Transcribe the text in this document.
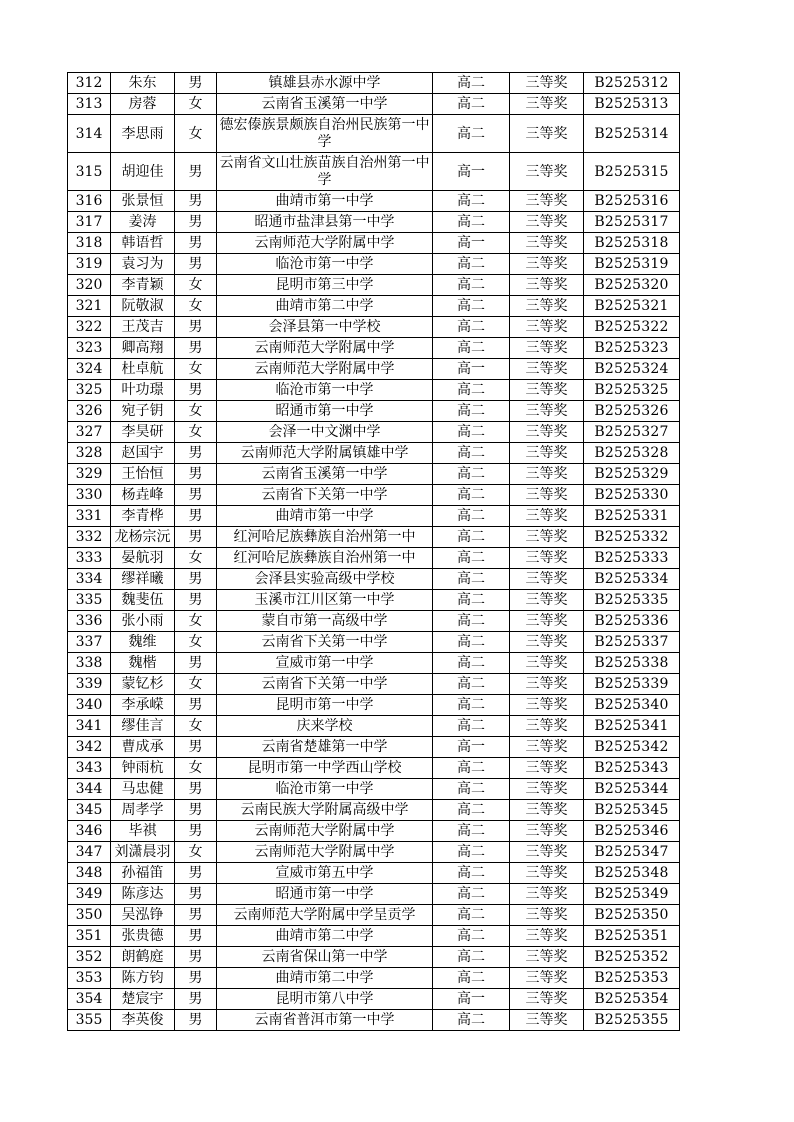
312	朱东	男	镇雄县赤水源中学	高二	三等奖	B2525312
313	房蓉	女	云南省玉溪第一中学	高二	三等奖	B2525313
314	李思雨	女	德宏傣族景颇族自治州民族第一中学	高二	三等奖	B2525314
315	胡迎佳	男	云南省文山壮族苗族自治州第一中学	高一	三等奖	B2525315
316	张景恒	男	曲靖市第一中学	高二	三等奖	B2525316
317	姜涛	男	昭通市盐津县第一中学	高二	三等奖	B2525317
318	韩语哲	男	云南师范大学附属中学	高一	三等奖	B2525318
319	袁习为	男	临沧市第一中学	高二	三等奖	B2525319
320	李青颖	女	昆明市第三中学	高二	三等奖	B2525320
321	阮敬淑	女	曲靖市第二中学	高二	三等奖	B2525321
322	王茂吉	男	会泽县第一中学校	高二	三等奖	B2525322
323	卿高翔	男	云南师范大学附属中学	高二	三等奖	B2525323
324	杜卓航	女	云南师范大学附属中学	高一	三等奖	B2525324
325	叶功璟	男	临沧市第一中学	高二	三等奖	B2525325
326	宛子钥	女	昭通市第一中学	高二	三等奖	B2525326
327	李昊研	女	会泽一中文渊中学	高二	三等奖	B2525327
328	赵国宇	男	云南师范大学附属镇雄中学	高二	三等奖	B2525328
329	王怡恒	男	云南省玉溪第一中学	高二	三等奖	B2525329
330	杨垚峰	男	云南省下关第一中学	高二	三等奖	B2525330
331	李青桦	男	曲靖市第一中学	高二	三等奖	B2525331
332	龙杨宗沅	男	红河哈尼族彝族自治州第一中	高二	三等奖	B2525332
333	晏航羽	女	红河哈尼族彝族自治州第一中	高二	三等奖	B2525333
334	缪祥曦	男	会泽县实验高级中学校	高二	三等奖	B2525334
335	魏斐伍	男	玉溪市江川区第一中学	高二	三等奖	B2525335
336	张小雨	女	蒙自市第一高级中学	高二	三等奖	B2525336
337	魏维	女	云南省下关第一中学	高二	三等奖	B2525337
338	魏楷	男	宣威市第一中学	高二	三等奖	B2525338
339	蒙钇杉	女	云南省下关第一中学	高二	三等奖	B2525339
340	李承嵘	男	昆明市第一中学	高二	三等奖	B2525340
341	缪佳言	女	庆来学校	高二	三等奖	B2525341
342	曹成承	男	云南省楚雄第一中学	高一	三等奖	B2525342
343	钟雨杭	女	昆明市第一中学西山学校	高二	三等奖	B2525343
344	马忠健	男	临沧市第一中学	高二	三等奖	B2525344
345	周孝学	男	云南民族大学附属高级中学	高二	三等奖	B2525345
346	毕祺	男	云南师范大学附属中学	高二	三等奖	B2525346
347	刘潇晨羽	女	云南师范大学附属中学	高二	三等奖	B2525347
348	孙福笛	男	宣威市第五中学	高二	三等奖	B2525348
349	陈彦达	男	昭通市第一中学	高二	三等奖	B2525349
350	吴泓铮	男	云南师范大学附属中学呈贡学	高二	三等奖	B2525350
351	张贵德	男	曲靖市第二中学	高二	三等奖	B2525351
352	朗鹤庭	男	云南省保山第一中学	高二	三等奖	B2525352
353	陈方钧	男	曲靖市第二中学	高二	三等奖	B2525353
354	楚宸宇	男	昆明市第八中学	高一	三等奖	B2525354
355	李英俊	男	云南省普洱市第一中学	高二	三等奖	B2525355
